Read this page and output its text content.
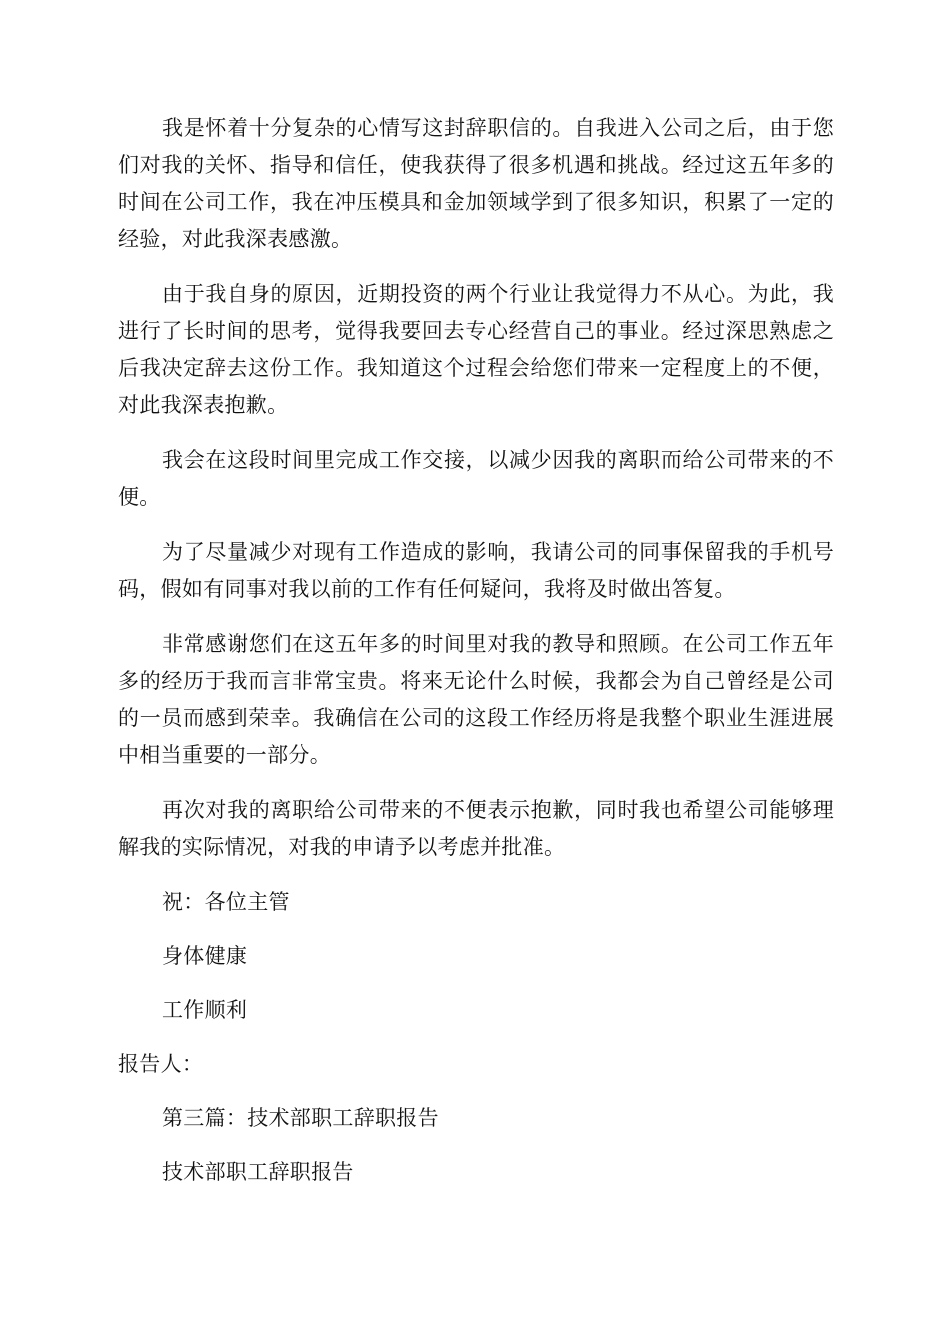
我是怀着十分复杂的心情写这封辞职信的。自我进入公司之后，由于您们对我的关怀、指导和信任，使我获得了很多机遇和挑战。经过这五年多的时间在公司工作，我在冲压模具和金加领域学到了很多知识，积累了一定的经验，对此我深表感激。

由于我自身的原因，近期投资的两个行业让我觉得力不从心。为此，我进行了长时间的思考，觉得我要回去专心经营自己的事业。经过深思熟虑之后我决定辞去这份工作。我知道这个过程会给您们带来一定程度上的不便，对此我深表抱歉。

我会在这段时间里完成工作交接，以减少因我的离职而给公司带来的不便。

为了尽量减少对现有工作造成的影响，我请公司的同事保留我的手机号码，假如有同事对我以前的工作有任何疑问，我将及时做出答复。

非常感谢您们在这五年多的时间里对我的教导和照顾。在公司工作五年多的经历于我而言非常宝贵。将来无论什么时候，我都会为自己曾经是公司的一员而感到荣幸。我确信在公司的这段工作经历将是我整个职业生涯进展中相当重要的一部分。

再次对我的离职给公司带来的不便表示抱歉，同时我也希望公司能够理解我的实际情况，对我的申请予以考虑并批准。

祝：各位主管

身体健康

工作顺利

报告人：

第三篇：技术部职工辞职报告

技术部职工辞职报告
